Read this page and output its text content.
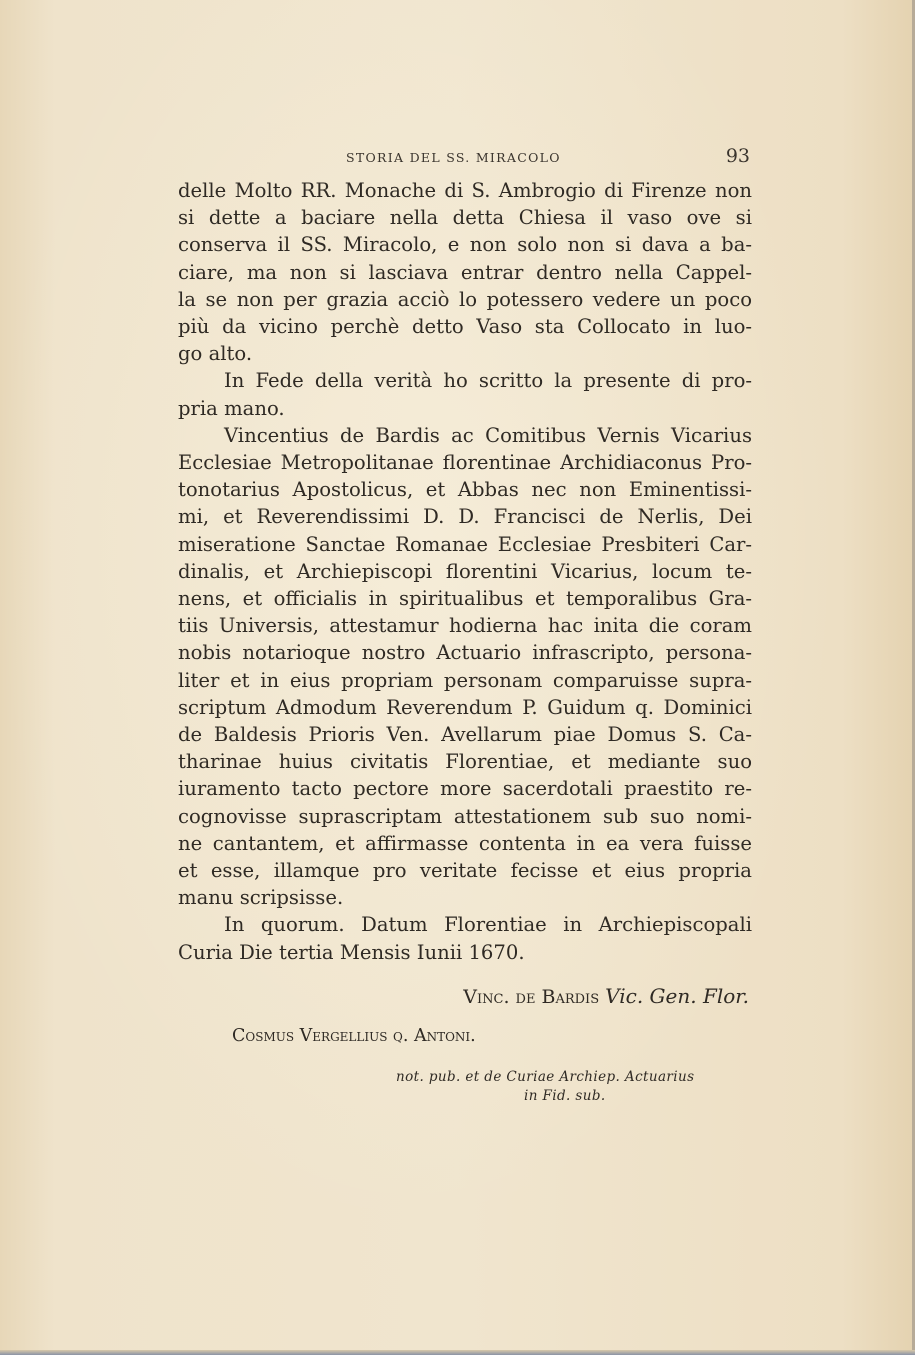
STORIA DEL SS. MIRACOLO	93

delle Molto RR. Monache di S. Ambrogio di Firenze non

si dette a baciare nella detta Chiesa il vaso ove si

conserva il SS. Miracolo, e non solo non si dava a ba-

ciare, ma non si lasciava entrar dentro nella Cappel-

la se non per grazia acciò lo potessero vedere un poco

più da vicino perchè detto Vaso sta Collocato in luo-

go alto.

In Fede della verità ho scritto la presente di pro-

pria mano.

Vincentius de Bardis ac Comitibus Vernis Vicarius

Ecclesiae Metropolitanae florentinae Archidiaconus Pro-

tonotarius Apostolicus, et Abbas nec non Eminentissi-

mi, et Reverendissimi D. D. Francisci de Nerlis, Dei

miseratione Sanctae Romanae Ecclesiae Presbiteri Car-

dinalis, et Archiepiscopi florentini Vicarius, locum te-

nens, et officialis in spiritualibus et temporalibus Gra-

tiis Universis, attestamur hodierna hac inita die coram

nobis notarioque nostro Actuario infrascripto, persona-

liter et in eius propriam personam comparuisse supra-

scriptum Admodum Reverendum P. Guidum q. Dominici

de Baldesis Prioris Ven. Avellarum piae Domus S. Ca-

tharinae huius civitatis Florentiae, et mediante suo

iuramento tacto pectore more sacerdotali praestito re-

cognovisse suprascriptam attestationem sub suo nomi-

ne cantantem, et affirmasse contenta in ea vera fuisse

et esse, illamque pro veritate fecisse et eius propria

manu scripsisse.

In quorum. Datum Florentiae in Archiepiscopali

Curia Die tertia Mensis Iunii 1670.

Vinc. de Bardis Vic. Gen. Flor.
Cosmus Vergellius q. Antoni.
not. pub. et de Curiae Archiep. Actuarius
in Fid. sub.
